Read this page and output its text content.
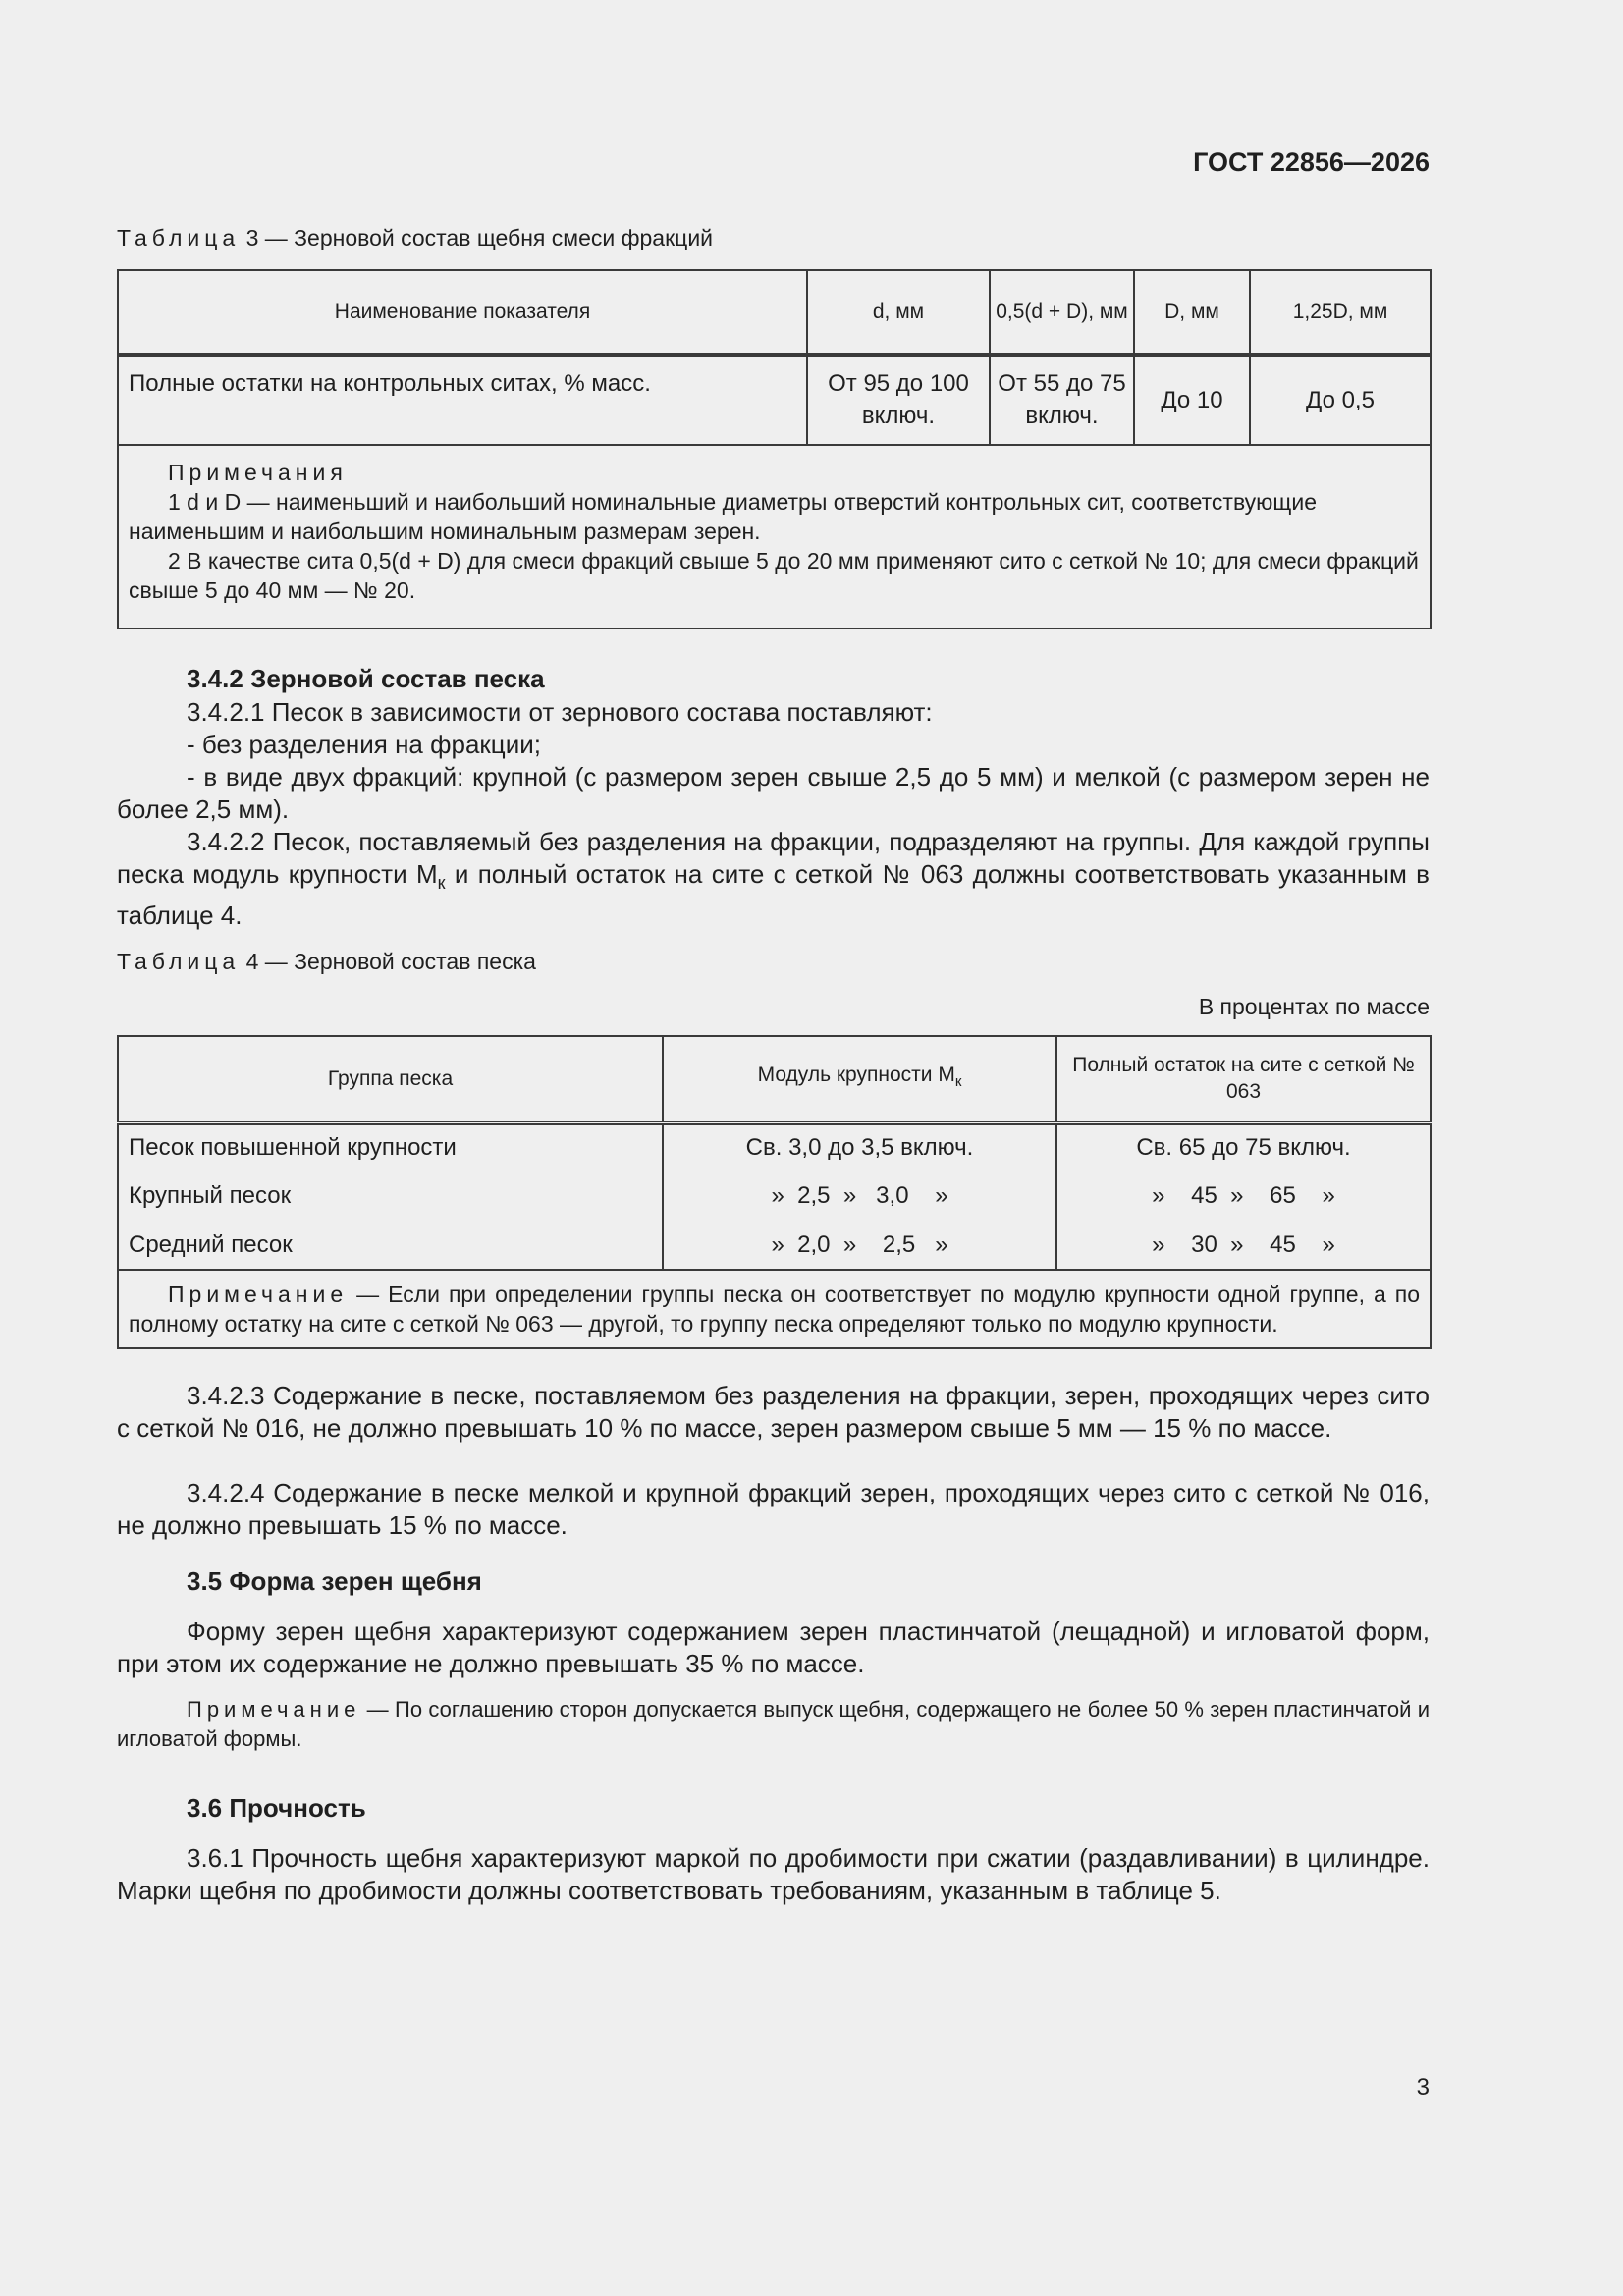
ГОСТ 22856—2026
Таблица 3 — Зерновой состав щебня смеси фракций
Наименование показателя	d, мм	0,5(d + D), мм	D, мм	1,25D, мм
Полные остатки на контрольных ситах, % масс.	От 95 до 100 включ.	От 55 до 75 включ.	До 10	До 0,5

Примечания
1 d и D — наименьший и наибольший номинальные диаметры отверстий контрольных сит, соответствующие наименьшим и наибольшим номинальным размерам зерен.
2 В качестве сита 0,5(d + D) для смеси фракций свыше 5 до 20 мм применяют сито с сеткой № 10; для смеси фракций свыше 5 до 40 мм — № 20.				
3.4.2 Зерновой состав песка
3.4.2.1 Песок в зависимости от зернового состава поставляют:
- без разделения на фракции;
- в виде двух фракций: крупной (с размером зерен свыше 2,5 до 5 мм) и мелкой (с размером зерен не более 2,5 мм).
3.4.2.2 Песок, поставляемый без разделения на фракции, подразделяют на группы. Для каждой группы песка модуль крупности $М_к$ и полный остаток на сите с сеткой № 063 должны соответствовать указанным в таблице 4.
Таблица 4 — Зерновой состав песка
В процентах по массе
Группа песка	Модуль крупности $М_к$	Полный остаток на сите с сеткой № 063
Песок повышенной крупности	Св. 3,0 до 3,5 включ.	Св. 65 до 75 включ.
Крупный песок	»  2,5  »   3,0    »	»    45  »    65    »
Средний песок	»  2,0  »    2,5   »	»    30  »    45    »

Примечание — Если при определении группы песка он соответствует по модулю крупности одной группе, а по полному остатку на сите с сеткой № 063 — другой, то группу песка определяют только по модулю крупности.		
3.4.2.3 Содержание в песке, поставляемом без разделения на фракции, зерен, проходящих через сито с сеткой № 016, не должно превышать 10 % по массе, зерен размером свыше 5 мм — 15 % по массе.
3.4.2.4 Содержание в песке мелкой и крупной фракций зерен, проходящих через сито с сеткой № 016, не должно превышать 15 % по массе.
3.5 Форма зерен щебня
Форму зерен щебня характеризуют содержанием зерен пластинчатой (лещадной) и игловатой форм, при этом их содержание не должно превышать 35 % по массе.
Примечание — По соглашению сторон допускается выпуск щебня, содержащего не более 50 % зерен пластинчатой и игловатой формы.
3.6 Прочность
3.6.1 Прочность щебня характеризуют маркой по дробимости при сжатии (раздавливании) в цилиндре. Марки щебня по дробимости должны соответствовать требованиям, указанным в таблице 5.
3
